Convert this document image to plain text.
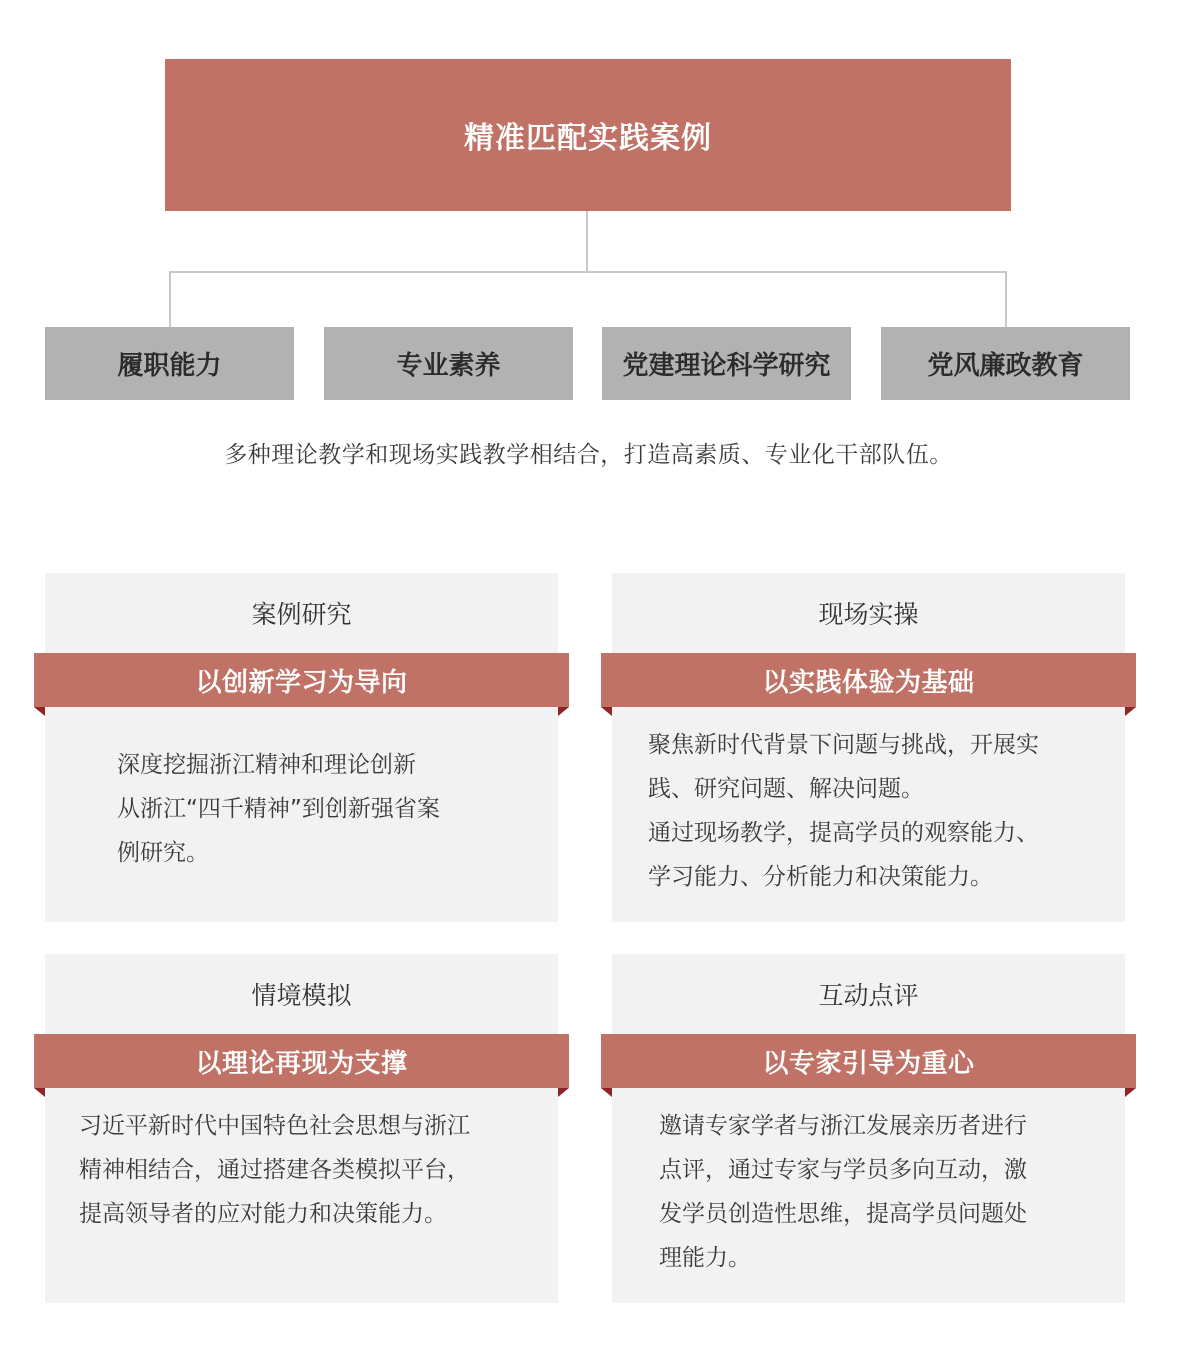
精准匹配实践案例
履职能力	专业素养	党建理论科学研究	党风廉政教育
多种理论教学和现场实践教学相结合，打造高素质、专业化干部队伍。
案例研究
以创新学习为导向

深度挖掘浙江精神和理论创新

从浙江“四千精神”到创新强省案

例研究。

现场实操
以实践体验为基础

聚焦新时代背景下问题与挑战，开展实

践、研究问题、解决问题。

通过现场教学，提高学员的观察能力、

学习能力、分析能力和决策能力。

情境模拟
以理论再现为支撑

习近平新时代中国特色社会思想与浙江

精神相结合，通过搭建各类模拟平台，

提高领导者的应对能力和决策能力。

互动点评
以专家引导为重心

邀请专家学者与浙江发展亲历者进行

点评，通过专家与学员多向互动，激

发学员创造性思维，提高学员问题处

理能力。
